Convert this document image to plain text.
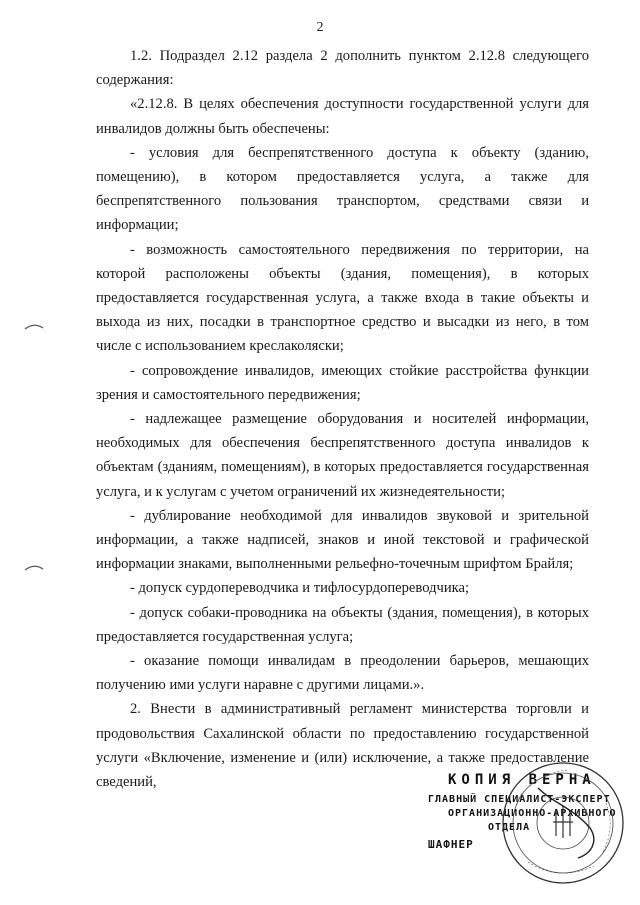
2

1.2. Подраздел 2.12 раздела 2 дополнить пунктом 2.12.8 следующего содержания:

«2.12.8. В целях обеспечения доступности государственной услуги для инвалидов должны быть обеспечены:

- условия для беспрепятственного доступа к объекту (зданию, помещению), в котором предоставляется услуга, а также для беспрепятственного пользования транспортом, средствами связи и информации;

- возможность самостоятельного передвижения по территории, на которой расположены объекты (здания, помещения), в которых предоставляется государственная услуга, а также входа в такие объекты и выхода из них, посадки в транспортное средство и высадки из него, в том числе с использованием креслаколяски;

- сопровождение инвалидов, имеющих стойкие расстройства функции зрения и самостоятельного передвижения;

- надлежащее размещение оборудования и носителей информации, необходимых для обеспечения беспрепятственного доступа инвалидов к объектам (зданиям, помещениям), в которых предоставляется государственная услуга, и к услугам с учетом ограничений их жизнедеятельности;

- дублирование необходимой для инвалидов звуковой и зрительной информации, а также надписей, знаков и иной текстовой и графической информации знаками, выполненными рельефно-точечным шрифтом Брайля;

- допуск сурдопереводчика и тифлосурдопереводчика;

- допуск собаки-проводника на объекты (здания, помещения), в которых предоставляется государственная услуга;

- оказание помощи инвалидам в преодолении барьеров, мешающих получению ими услуги наравне с другими лицами.».

2. Внести в административный регламент министерства торговли и продовольствия Сахалинской области по предоставлению государственной услуги «Включение, изменение и (или) исключение, а также предоставление сведений,	КОПИЯ ВЕРНА
ГЛАВНЫЙ СПЕЦИАЛИСТ-ЭКСПЕРТ
ОРГАНИЗАЦИОННО-АРХИВНОГО
ОТДЕЛА
ШАФНЕР
